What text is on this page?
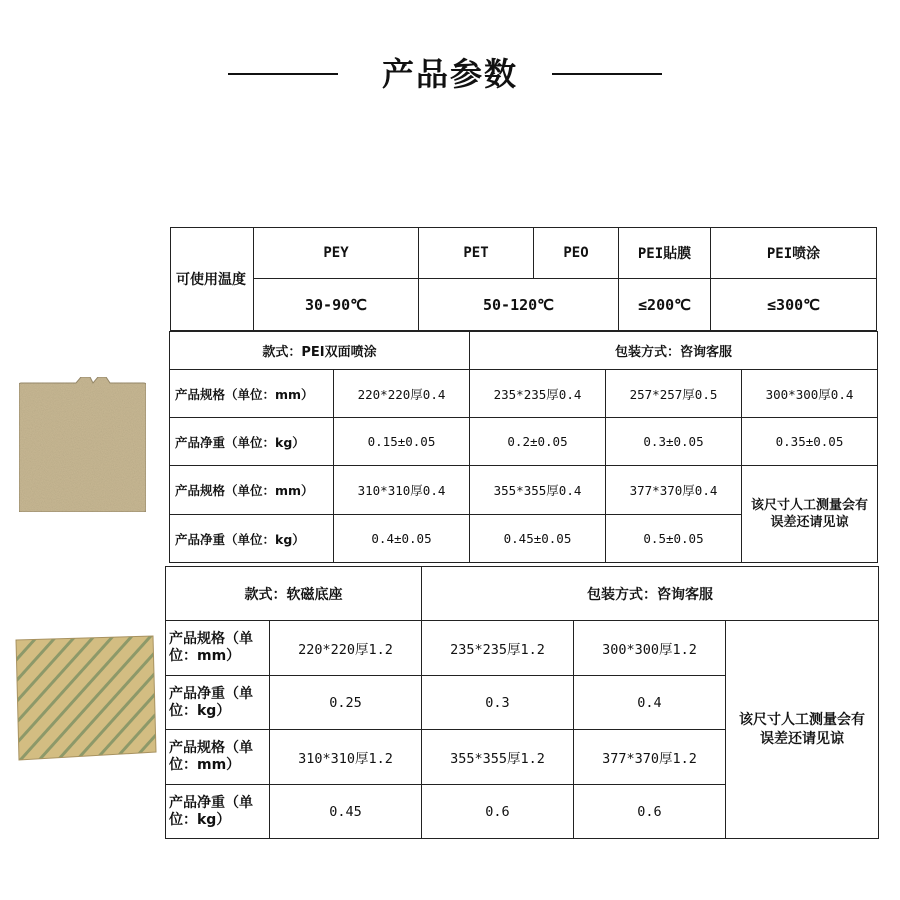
产品参数
可使用温度	PEY	PET	PEO	PEI貼膜	PEI喷涂
	30-90℃	50-120℃		≤200℃	≤300℃
款式：PEI双面喷涂		包装方式：咨询客服		
产品规格（单位：mm）	220*220厚0.4	235*235厚0.4	257*257厚0.5	300*300厚0.4
产品净重（单位：kg）	0.15±0.05	0.2±0.05	0.3±0.05	0.35±0.05
产品规格（单位：mm）	310*310厚0.4	355*355厚0.4	377*370厚0.4	该尺寸人工测量会有误差还请见谅
产品净重（单位：kg）	0.4±0.05	0.45±0.05	0.5±0.05	
款式：软磁底座		包装方式：咨询客服		
产品规格（单位：mm）	220*220厚1.2	235*235厚1.2	300*300厚1.2	该尺寸人工测量会有误差还请见谅
产品净重（单位：kg）	0.25	0.3	0.4	
产品规格（单位：mm）	310*310厚1.2	355*355厚1.2	377*370厚1.2	
产品净重（单位：kg）	0.45	0.6	0.6	
